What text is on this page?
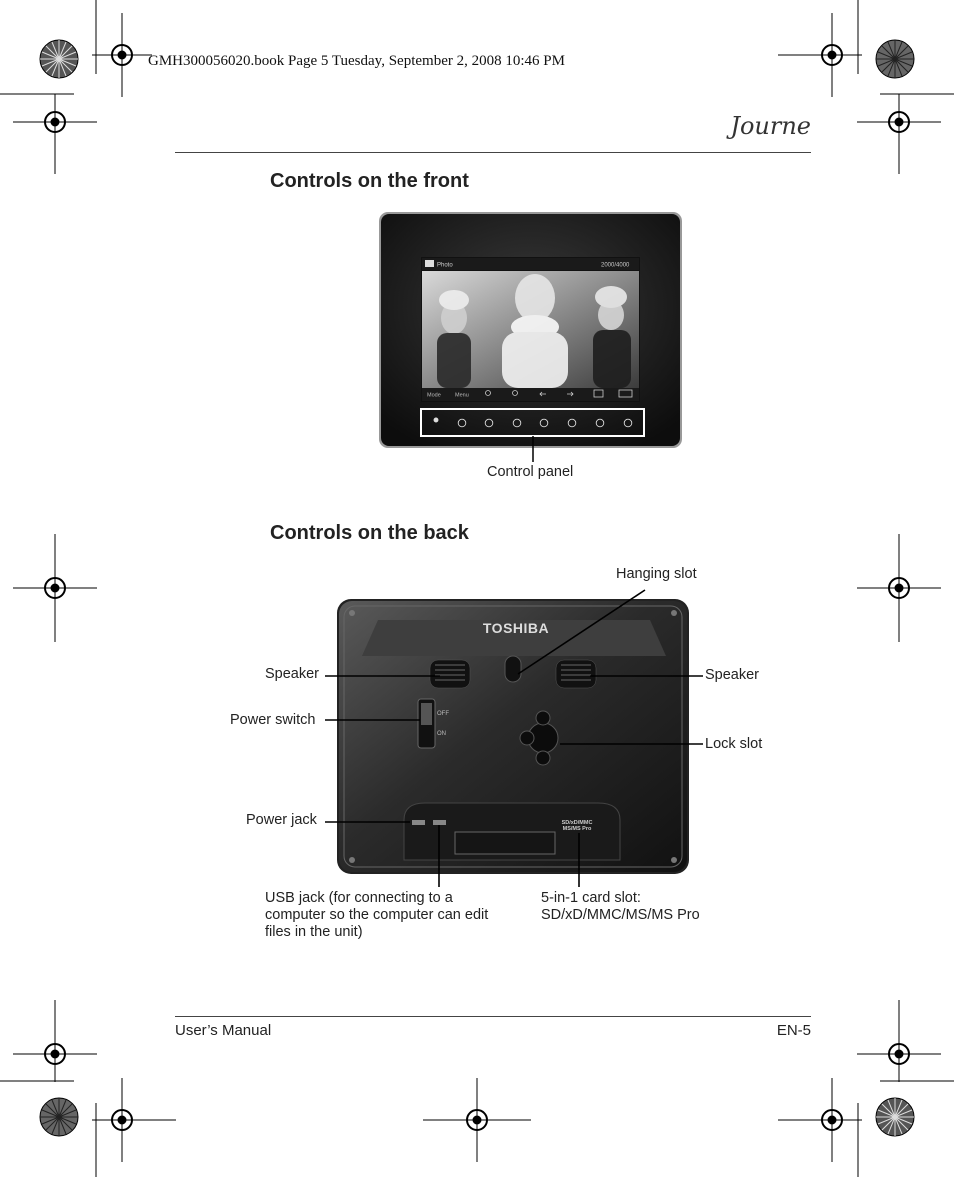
Photo	2000/4000
Mode	Menu
TOSHIBA
OFF
ON
SD/xD/MMC
MS/MS Pro
GMH300056020.book Page 5 Tuesday, September 2, 2008 10:46 PM
Journe
Controls on the front
Control panel
Controls on the back
Hanging slot
Speaker	Speaker
Power switch
Lock slot
Power jack
USB jack (for connecting to a computer so the computer can edit files in the unit)
5-in-1 card slot:
SD/xD/MMC/MS/MS Pro
User’s Manual	EN-5
